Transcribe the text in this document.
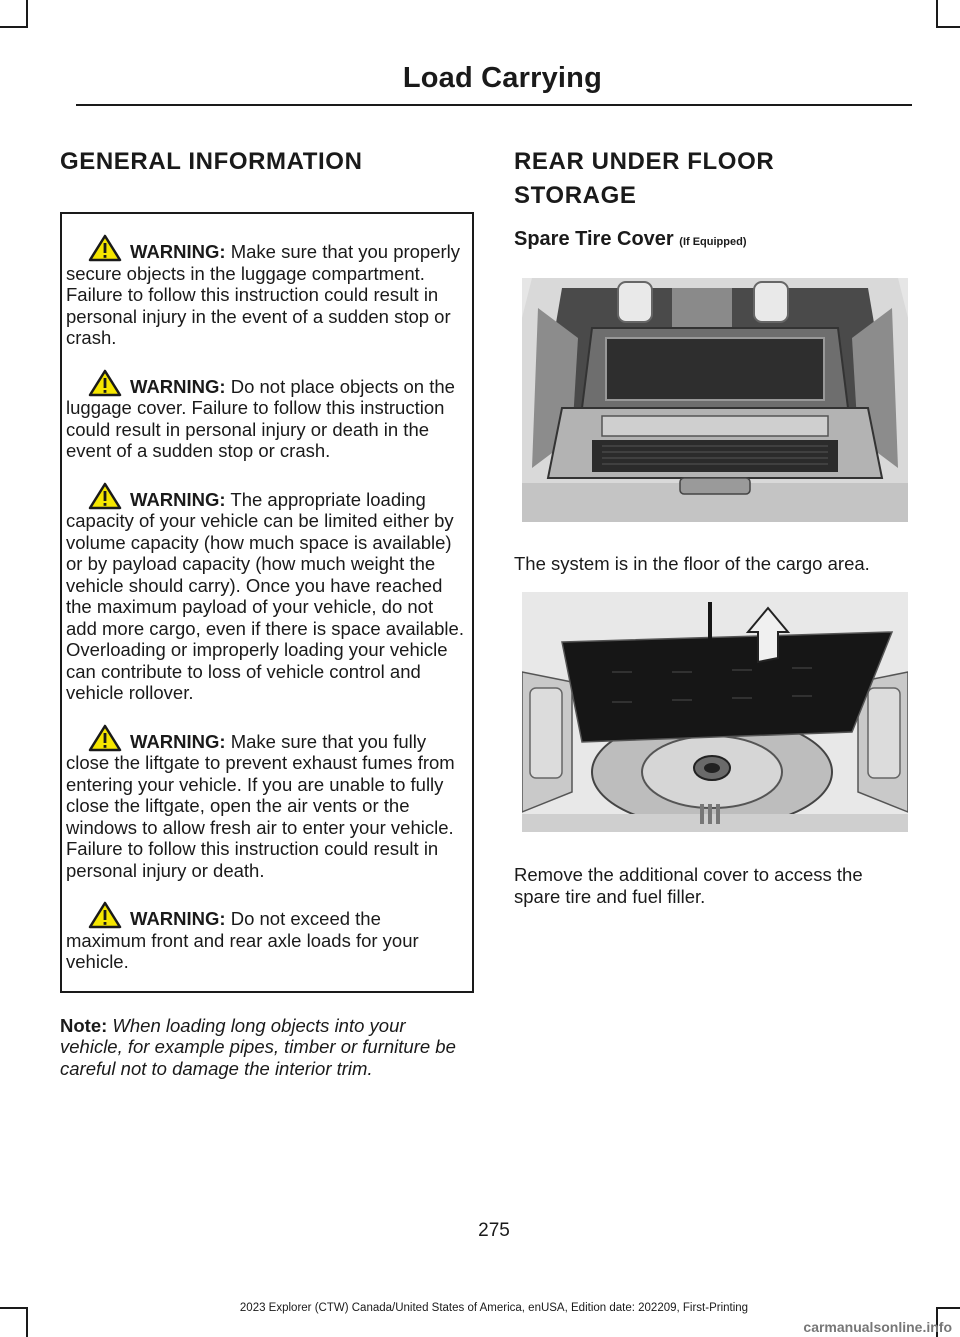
Load Carrying
GENERAL INFORMATION

WARNING: Make sure that you properly secure objects in the luggage compartment. Failure to follow this instruction could result in personal injury in the event of a sudden stop or crash.

WARNING: Do not place objects on the luggage cover. Failure to follow this instruction could result in personal injury or death in the event of a sudden stop or crash.

WARNING: The appropriate loading capacity of your vehicle can be limited either by volume capacity (how much space is available) or by payload capacity (how much weight the vehicle should carry). Once you have reached the maximum payload of your vehicle, do not add more cargo, even if there is space available. Overloading or improperly loading your vehicle can contribute to loss of vehicle control and vehicle rollover.

WARNING: Make sure that you fully close the liftgate to prevent exhaust fumes from entering your vehicle. If you are unable to fully close the liftgate, open the air vents or the windows to allow fresh air to enter your vehicle. Failure to follow this instruction could result in personal injury or death.

WARNING: Do not exceed the maximum front and rear axle loads for your vehicle.

Note: When loading long objects into your vehicle, for example pipes, timber or furniture be careful not to damage the interior trim.
REAR UNDER FLOOR
STORAGE
Spare Tire Cover (If Equipped)
The system is in the floor of the cargo area.
Remove the additional cover to access the spare tire and fuel filler.
275
2023 Explorer (CTW) Canada/United States of America, enUSA, Edition date: 202209, First-Printing
carmanualsonline.info
